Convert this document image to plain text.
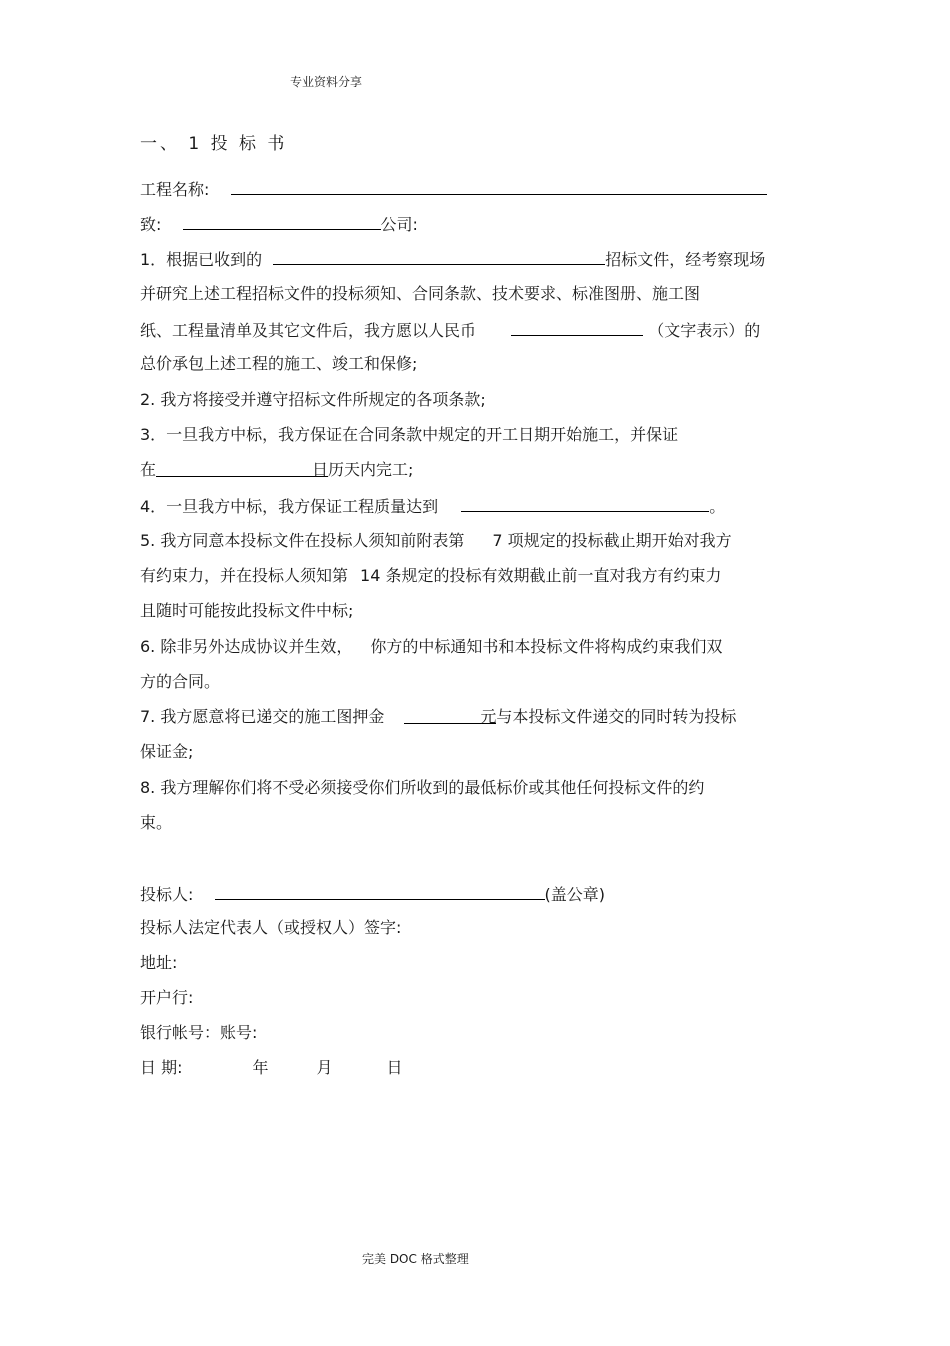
专业资料分享
一、 1 投 标 书
工程名称:
致:	公司:
1．根据已收到的	招标文件，经考察现场
并研究上述工程招标文件的投标须知、合同条款、技术要求、标准图册、施工图
纸、工程量清单及其它文件后，我方愿以人民币	（文字表示）的
总价承包上述工程的施工、竣工和保修;
2. 我方将接受并遵守招标文件所规定的各项条款;
3．一旦我方中标，我方保证在合同条款中规定的开工日期开始施工，并保证
在	日历天内完工;
4．一旦我方中标，我方保证工程质量达到	。
5. 我方同意本投标文件在投标人须知前附表第 7 项规定的投标截止期开始对我方
有约束力，并在投标人须知第 14 条规定的投标有效期截止前一直对我方有约束力
且随时可能按此投标文件中标;
6. 除非另外达成协议并生效， 你方的中标通知书和本投标文件将构成约束我们双
方的合同。
7. 我方愿意将已递交的施工图押金	元与本投标文件递交的同时转为投标
保证金;
8. 我方理解你们将不受必须接受你们所收到的最低标价或其他任何投标文件的约
束。
投标人:	(盖公章)
投标人法定代表人（或授权人）签字:
地址:
开户行:
银行帐号：账号:
日 期:	年	月	日
完美 DOC 格式整理
